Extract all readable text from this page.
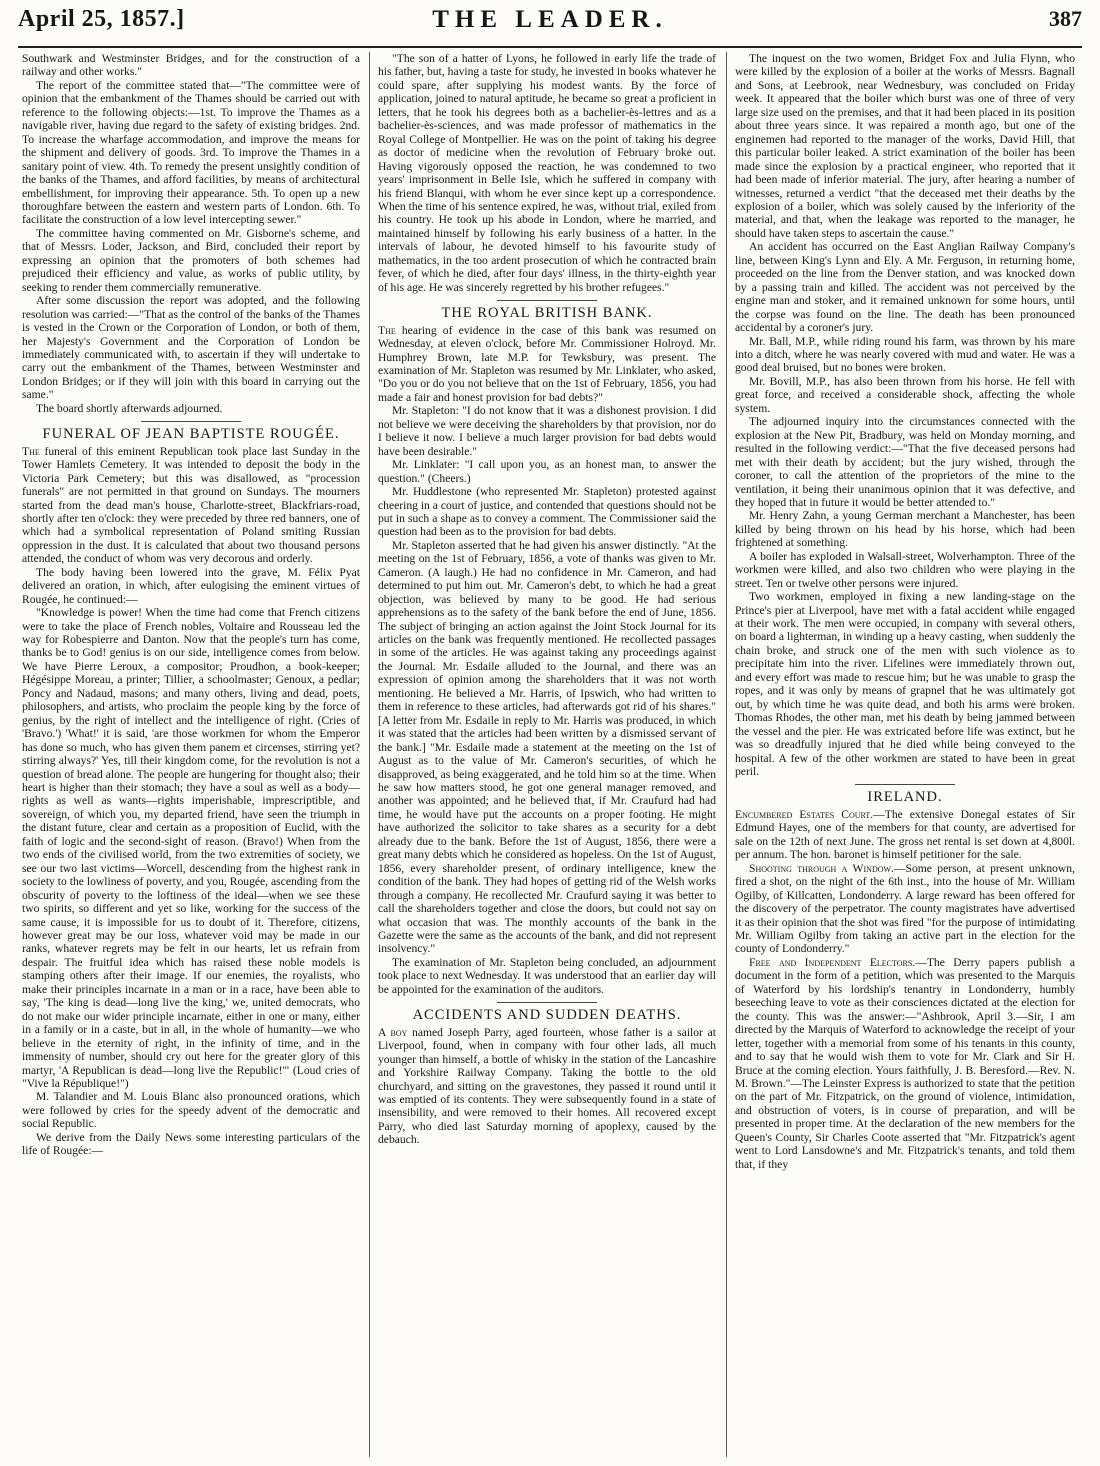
April 25, 1857.]	THE LEADER.	387

Southwark and Westminster Bridges, and for the construction of a railway and other works."

The report of the committee stated that—"The committee were of opinion that the embankment of the Thames should be carried out with reference to the following objects:—1st. To improve the Thames as a navigable river, having due regard to the safety of existing bridges. 2nd. To increase the wharfage accommodation, and improve the means for the shipment and delivery of goods. 3rd. To improve the Thames in a sanitary point of view. 4th. To remedy the present unsightly condition of the banks of the Thames, and afford facilities, by means of architectural embellishment, for improving their appearance. 5th. To open up a new thoroughfare between the eastern and western parts of London. 6th. To facilitate the construction of a low level intercepting sewer."

The committee having commented on Mr. Gisborne's scheme, and that of Messrs. Loder, Jackson, and Bird, concluded their report by expressing an opinion that the promoters of both schemes had prejudiced their efficiency and value, as works of public utility, by seeking to render them commercially remunerative.

After some discussion the report was adopted, and the following resolution was carried:—"That as the control of the banks of the Thames is vested in the Crown or the Corporation of London, or both of them, her Majesty's Government and the Corporation of London be immediately communicated with, to ascertain if they will undertake to carry out the embankment of the Thames, between Westminster and London Bridges; or if they will join with this board in carrying out the same."

The board shortly afterwards adjourned.

FUNERAL OF JEAN BAPTISTE ROUGÉE.

The funeral of this eminent Republican took place last Sunday in the Tower Hamlets Cemetery. It was intended to deposit the body in the Victoria Park Cemetery; but this was disallowed, as "procession funerals" are not permitted in that ground on Sundays. The mourners started from the dead man's house, Charlotte-street, Blackfriars-road, shortly after ten o'clock: they were preceded by three red banners, one of which had a symbolical representation of Poland smiting Russian oppression in the dust. It is calculated that about two thousand persons attended, the conduct of whom was very decorous and orderly.

The body having been lowered into the grave, M. Félix Pyat delivered an oration, in which, after eulogising the eminent virtues of Rougée, he continued:—

"Knowledge is power! When the time had come that French citizens were to take the place of French nobles, Voltaire and Rousseau led the way for Robespierre and Danton. Now that the people's turn has come, thanks be to God! genius is on our side, intelligence comes from below. We have Pierre Leroux, a compositor; Proudhon, a book-keeper; Hégésippe Moreau, a printer; Tillier, a schoolmaster; Genoux, a pedlar; Poncy and Nadaud, masons; and many others, living and dead, poets, philosophers, and artists, who proclaim the people king by the force of genius, by the right of intellect and the intelligence of right. (Cries of 'Bravo.') 'What!' it is said, 'are those workmen for whom the Emperor has done so much, who has given them panem et circenses, stirring yet? stirring always?' Yes, till their kingdom come, for the revolution is not a question of bread alone. The people are hungering for thought also; their heart is higher than their stomach; they have a soul as well as a body—rights as well as wants—rights imperishable, imprescriptible, and sovereign, of which you, my departed friend, have seen the triumph in the distant future, clear and certain as a proposition of Euclid, with the faith of logic and the second-sight of reason. (Bravo!) When from the two ends of the civilised world, from the two extremities of society, we see our two last victims—Worcell, descending from the highest rank in society to the lowliness of poverty, and you, Rougée, ascending from the obscurity of poverty to the loftiness of the ideal—when we see these two spirits, so different and yet so like, working for the success of the same cause, it is impossible for us to doubt of it. Therefore, citizens, however great may be our loss, whatever void may be made in our ranks, whatever regrets may be felt in our hearts, let us refrain from despair. The fruitful idea which has raised these noble models is stamping others after their image. If our enemies, the royalists, who make their principles incarnate in a man or in a race, have been able to say, 'The king is dead—long live the king,' we, united democrats, who do not make our wider principle incarnate, either in one or many, either in a family or in a caste, but in all, in the whole of humanity—we who believe in the eternity of right, in the infinity of time, and in the immensity of number, should cry out here for the greater glory of this martyr, 'A Republican is dead—long live the Republic!'" (Loud cries of "Vive la République!")

M. Talandier and M. Louis Blanc also pronounced orations, which were followed by cries for the speedy advent of the democratic and social Republic.

We derive from the Daily News some interesting particulars of the life of Rougée:—

"The son of a hatter of Lyons, he followed in early life the trade of his father, but, having a taste for study, he invested in books whatever he could spare, after supplying his modest wants. By the force of application, joined to natural aptitude, he became so great a proficient in letters, that he took his degrees both as a bachelier-ès-lettres and as a bachelier-ès-sciences, and was made professor of mathematics in the Royal College of Montpellier. He was on the point of taking his degree as doctor of medicine when the revolution of February broke out. Having vigorously opposed the reaction, he was condemned to two years' imprisonment in Belle Isle, which he suffered in company with his friend Blanqui, with whom he ever since kept up a correspondence. When the time of his sentence expired, he was, without trial, exiled from his country. He took up his abode in London, where he married, and maintained himself by following his early business of a hatter. In the intervals of labour, he devoted himself to his favourite study of mathematics, in the too ardent prosecution of which he contracted brain fever, of which he died, after four days' illness, in the thirty-eighth year of his age. He was sincerely regretted by his brother refugees."

THE ROYAL BRITISH BANK.

The hearing of evidence in the case of this bank was resumed on Wednesday, at eleven o'clock, before Mr. Commissioner Holroyd. Mr. Humphrey Brown, late M.P. for Tewksbury, was present. The examination of Mr. Stapleton was resumed by Mr. Linklater, who asked, "Do you or do you not believe that on the 1st of February, 1856, you had made a fair and honest provision for bad debts?"

Mr. Stapleton: "I do not know that it was a dishonest provision. I did not believe we were deceiving the shareholders by that provision, nor do I believe it now. I believe a much larger provision for bad debts would have been desirable."

Mr. Linklater: "I call upon you, as an honest man, to answer the question." (Cheers.)

Mr. Huddlestone (who represented Mr. Stapleton) protested against cheering in a court of justice, and contended that questions should not be put in such a shape as to convey a comment. The Commissioner said the question had been as to the provision for bad debts.

Mr. Stapleton asserted that he had given his answer distinctly. "At the meeting on the 1st of February, 1856, a vote of thanks was given to Mr. Cameron. (A laugh.) He had no confidence in Mr. Cameron, and had determined to put him out. Mr. Cameron's debt, to which he had a great objection, was believed by many to be good. He had serious apprehensions as to the safety of the bank before the end of June, 1856. The subject of bringing an action against the Joint Stock Journal for its articles on the bank was frequently mentioned. He recollected passages in some of the articles. He was against taking any proceedings against the Journal. Mr. Esdaile alluded to the Journal, and there was an expression of opinion among the shareholders that it was not worth mentioning. He believed a Mr. Harris, of Ipswich, who had written to them in reference to these articles, had afterwards got rid of his shares." [A letter from Mr. Esdaile in reply to Mr. Harris was produced, in which it was stated that the articles had been written by a dismissed servant of the bank.] "Mr. Esdaile made a statement at the meeting on the 1st of August as to the value of Mr. Cameron's securities, of which he disapproved, as being exaggerated, and he told him so at the time. When he saw how matters stood, he got one general manager removed, and another was appointed; and he believed that, if Mr. Craufurd had had time, he would have put the accounts on a proper footing. He might have authorized the solicitor to take shares as a security for a debt already due to the bank. Before the 1st of August, 1856, there were a great many debts which he considered as hopeless. On the 1st of August, 1856, every shareholder present, of ordinary intelligence, knew the condition of the bank. They had hopes of getting rid of the Welsh works through a company. He recollected Mr. Craufurd saying it was better to call the shareholders together and close the doors, but could not say on what occasion that was. The monthly accounts of the bank in the Gazette were the same as the accounts of the bank, and did not represent insolvency."

The examination of Mr. Stapleton being concluded, an adjournment took place to next Wednesday. It was understood that an earlier day will be appointed for the examination of the auditors.

ACCIDENTS AND SUDDEN DEATHS.

A boy named Joseph Parry, aged fourteen, whose father is a sailor at Liverpool, found, when in company with four other lads, all much younger than himself, a bottle of whisky in the station of the Lancashire and Yorkshire Railway Company. Taking the bottle to the old churchyard, and sitting on the gravestones, they passed it round until it was emptied of its contents. They were subsequently found in a state of insensibility, and were removed to their homes. All recovered except Parry, who died last Saturday morning of apoplexy, caused by the debauch.

The inquest on the two women, Bridget Fox and Julia Flynn, who were killed by the explosion of a boiler at the works of Messrs. Bagnall and Sons, at Leebrook, near Wednesbury, was concluded on Friday week. It appeared that the boiler which burst was one of three of very large size used on the premises, and that it had been placed in its position about three years since. It was repaired a month ago, but one of the enginemen had reported to the manager of the works, David Hill, that this particular boiler leaked. A strict examination of the boiler has been made since the explosion by a practical engineer, who reported that it had been made of inferior material. The jury, after hearing a number of witnesses, returned a verdict "that the deceased met their deaths by the explosion of a boiler, which was solely caused by the inferiority of the material, and that, when the leakage was reported to the manager, he should have taken steps to ascertain the cause."

An accident has occurred on the East Anglian Railway Company's line, between King's Lynn and Ely. A Mr. Ferguson, in returning home, proceeded on the line from the Denver station, and was knocked down by a passing train and killed. The accident was not perceived by the engine man and stoker, and it remained unknown for some hours, until the corpse was found on the line. The death has been pronounced accidental by a coroner's jury.

Mr. Ball, M.P., while riding round his farm, was thrown by his mare into a ditch, where he was nearly covered with mud and water. He was a good deal bruised, but no bones were broken.

Mr. Bovill, M.P., has also been thrown from his horse. He fell with great force, and received a considerable shock, affecting the whole system.

The adjourned inquiry into the circumstances connected with the explosion at the New Pit, Bradbury, was held on Monday morning, and resulted in the following verdict:—"That the five deceased persons had met with their death by accident; but the jury wished, through the coroner, to call the attention of the proprietors of the mine to the ventilation, it being their unanimous opinion that it was defective, and they hoped that in future it would be better attended to."

Mr. Henry Zahn, a young German merchant a Manchester, has been killed by being thrown on his head by his horse, which had been frightened at something.

A boiler has exploded in Walsall-street, Wolverhampton. Three of the workmen were killed, and also two children who were playing in the street. Ten or twelve other persons were injured.

Two workmen, employed in fixing a new landing-stage on the Prince's pier at Liverpool, have met with a fatal accident while engaged at their work. The men were occupied, in company with several others, on board a lighterman, in winding up a heavy casting, when suddenly the chain broke, and struck one of the men with such violence as to precipitate him into the river. Lifelines were immediately thrown out, and every effort was made to rescue him; but he was unable to grasp the ropes, and it was only by means of grapnel that he was ultimately got out, by which time he was quite dead, and both his arms were broken. Thomas Rhodes, the other man, met his death by being jammed between the vessel and the pier. He was extricated before life was extinct, but he was so dreadfully injured that he died while being conveyed to the hospital. A few of the other workmen are stated to have been in great peril.

IRELAND.

Encumbered Estates Court.—The extensive Donegal estates of Sir Edmund Hayes, one of the members for that county, are advertised for sale on the 12th of next June. The gross net rental is set down at 4,800l. per annum. The hon. baronet is himself petitioner for the sale.

Shooting through a Window.—Some person, at present unknown, fired a shot, on the night of the 6th inst., into the house of Mr. William Ogilby, of Killcatten, Londonderry. A large reward has been offered for the discovery of the perpetrator. The county magistrates have advertised it as their opinion that the shot was fired "for the purpose of intimidating Mr. William Ogilby from taking an active part in the election for the county of Londonderry."

Free and Independent Electors.—The Derry papers publish a document in the form of a petition, which was presented to the Marquis of Waterford by his lordship's tenantry in Londonderry, humbly beseeching leave to vote as their consciences dictated at the election for the county. This was the answer:—"Ashbrook, April 3.—Sir, I am directed by the Marquis of Waterford to acknowledge the receipt of your letter, together with a memorial from some of his tenants in this county, and to say that he would wish them to vote for Mr. Clark and Sir H. Bruce at the coming election. Yours faithfully, J. B. Beresford.—Rev. N. M. Brown."—The Leinster Express is authorized to state that the petition on the part of Mr. Fitzpatrick, on the ground of violence, intimidation, and obstruction of voters, is in course of preparation, and will be presented in proper time. At the declaration of the new members for the Queen's County, Sir Charles Coote asserted that "Mr. Fitzpatrick's agent went to Lord Lansdowne's and Mr. Fitzpatrick's tenants, and told them that, if they
